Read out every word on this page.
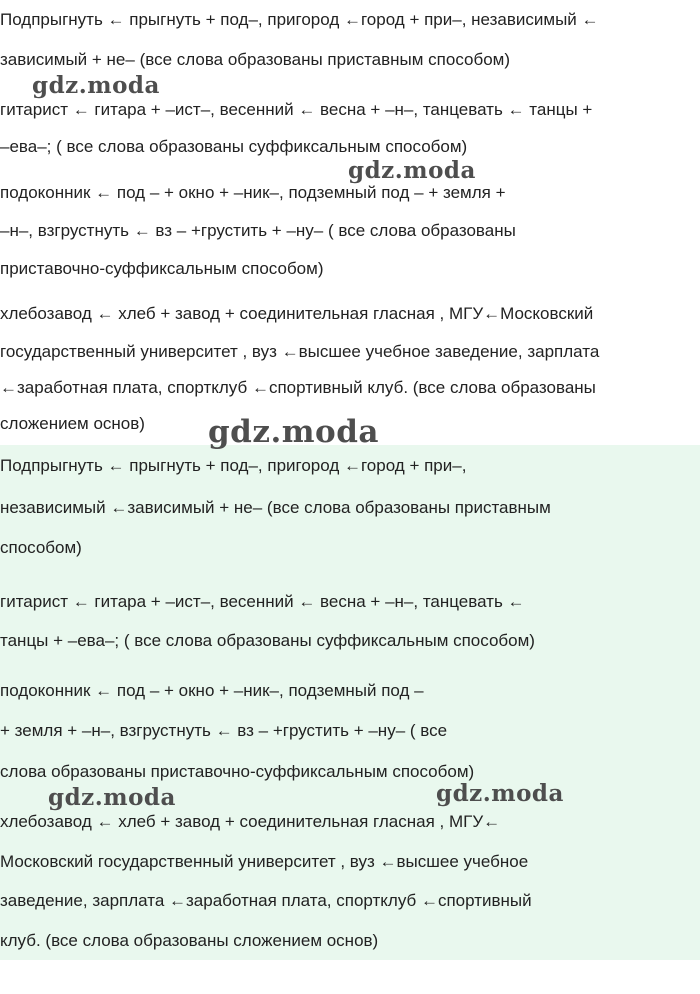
Подпрыгнуть ← прыгнуть + под–, пригород ←город + при–, независимый ←
зависимый + не– (все слова образованы приставным способом)
гитарист ← гитара + –ист–, весенний ← весна + –н–, танцевать ← танцы +
–ева–; ( все слова образованы суффиксальным способом)
подоконник ← под – + окно + –ник–, подземный под – + земля +
–н–, взгрустнуть ← вз – +грустить + –ну– ( все слова образованы
приставочно-суффиксальным способом)
хлебозавод ← хлеб + завод + соединительная гласная , МГУ←Московский
государственный университет , вуз ←высшее учебное заведение, зарплата
←заработная плата, спортклуб ←спортивный клуб. (все слова образованы
сложением основ)
Подпрыгнуть ← прыгнуть + под–, пригород ←город + при–,
независимый ←зависимый + не– (все слова образованы приставным
способом)
гитарист ← гитара + –ист–, весенний ← весна + –н–, танцевать ←
танцы + –ева–; ( все слова образованы суффиксальным способом)
подоконник ← под – + окно + –ник–, подземный под –
+ земля + –н–, взгрустнуть ← вз – +грустить + –ну– ( все
слова образованы приставочно-суффиксальным способом)
хлебозавод ← хлеб + завод + соединительная гласная , МГУ←
Московский государственный университет , вуз ←высшее учебное
заведение, зарплата ←заработная плата, спортклуб ←спортивный
клуб. (все слова образованы сложением основ)
gdz.moda
gdz.moda
gdz.moda
gdz.moda	gdz.moda
